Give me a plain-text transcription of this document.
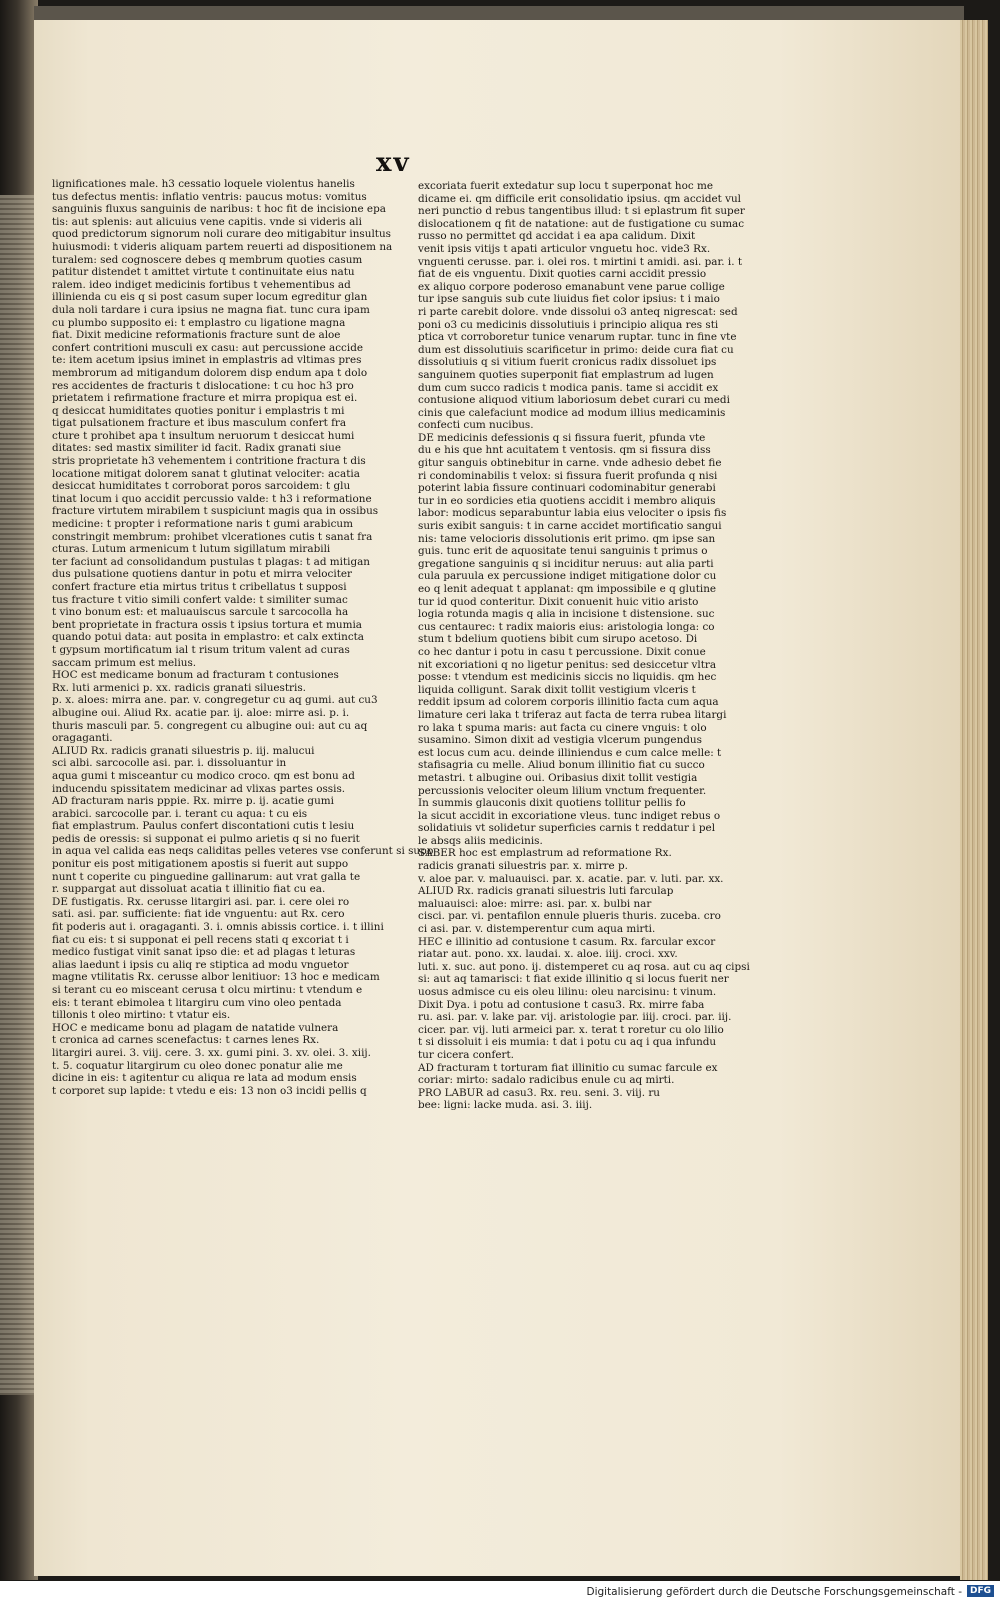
xv

lignificationes male. h3 cessatio loquele violentus hanelis

tus defectus mentis: inflatio ventris: paucus motus: vomitus

sanguinis fluxus sanguinis de naribus: t hoc fit de incisione epa

tis: aut splenis: aut alicuius vene capitis. vnde si videris ali

quod predictorum signorum noli curare deo mitigabitur insultus

huiusmodi: t videris aliquam partem reuerti ad dispositionem na

turalem: sed cognoscere debes q membrum quoties casum

patitur distendet t amittet virtute t continuitate eius natu

ralem. ideo indiget medicinis fortibus t vehementibus ad

illinienda cu eis q si post casum super locum egreditur glan

dula noli tardare i cura ipsius ne magna fiat. tunc cura ipam

cu plumbo supposito ei: t emplastro cu ligatione magna

fiat. Dixit medicine reformationis fracture sunt de aloe

confert contritioni musculi ex casu: aut percussione accide

te: item acetum ipsius iminet in emplastris ad vltimas pres

membrorum ad mitigandum dolorem disp endum apa t dolo

res accidentes de fracturis t dislocatione: t cu hoc h3 pro

prietatem i refirmatione fracture et mirra propiqua est ei.

q desiccat humiditates quoties ponitur i emplastris t mi

tigat pulsationem fracture et ibus masculum confert fra

cture t prohibet apa t insultum neruorum t desiccat humi

ditates: sed mastix similiter id facit. Radix granati siue

stris proprietate h3 vehementem i contritione fractura t dis

locatione mitigat dolorem sanat t glutinat velociter: acatia

desiccat humiditates t corroborat poros sarcoidem: t glu

tinat locum i quo accidit percussio valde: t h3 i reformatione

fracture virtutem mirabilem t suspiciunt magis qua in ossibus

medicine: t propter i reformatione naris t gumi arabicum

constringit membrum: prohibet vlcerationes cutis t sanat fra

cturas. Lutum armenicum t lutum sigillatum mirabili

ter faciunt ad consolidandum pustulas t plagas: t ad mitigan

dus pulsatione quotiens dantur in potu et mirra velociter

confert fracture etia mirtus tritus t cribellatus t supposi

tus fracture t vitio simili confert valde: t similiter sumac

t vino bonum est: et maluauiscus sarcule t sarcocolla ha

bent proprietate in fractura ossis t ipsius tortura et mumia

quando potui data: aut posita in emplastro: et calx extincta

t gypsum mortificatum ial t risum tritum valent ad curas

saccam primum est melius.

HOC est medicame bonum ad fracturam t contusiones

Rx. luti armenici p. xx. radicis granati siluestris.

p. x. aloes: mirra ane. par. v. congregetur cu aq gumi. aut cu3

albugine oui. Aliud Rx. acatie par. ij. aloe: mirre asi. p. i.

thuris masculi par. 5. congregent cu albugine oui: aut cu aq

oragaganti.

ALIUD Rx. radicis granati siluestris p. iij. malucui

sci albi. sarcocolle asi. par. i. dissoluantur in

aqua gumi t misceantur cu modico croco. qm est bonu ad

inducendu spissitatem medicinar ad vlixas partes ossis.

AD fracturam naris pppie. Rx. mirre p. ij. acatie gumi

arabici. sarcocolle par. i. terant cu aqua: t cu eis

fiat emplastrum. Paulus confert discontationi cutis t lesiu

pedis de oressis: si supponat ei pulmo arietis q si no fuerit

in aqua vel calida eas neqs caliditas pelles veteres vse conferunt si supp

ponitur eis post mitigationem apostis si fuerit aut suppo

nunt t coperite cu pinguedine gallinarum: aut vrat galla te

r. suppargat aut dissoluat acatia t illinitio fiat cu ea.

DE fustigatis. Rx. cerusse litargiri asi. par. i. cere olei ro

sati. asi. par. sufficiente: fiat ide vnguentu: aut Rx. cero

fit poderis aut i. oragaganti. 3. i. omnis abissis cortice. i. t illini

fiat cu eis: t si supponat ei pell recens stati q excoriat t i

medico fustigat vinit sanat ipso die: et ad plagas t leturas

alias laedunt i ipsis cu aliq re stiptica ad modu vnguetor

magne vtilitatis Rx. cerusse albor lenitiuor: 13 hoc e medicam

si terant cu eo misceant cerusa t olcu mirtinu: t vtendum e

eis: t terant ebimolea t litargiru cum vino oleo pentada

tillonis t oleo mirtino: t vtatur eis.

HOC e medicame bonu ad plagam de natatide vulnera

t cronica ad carnes scenefactus: t carnes lenes Rx.

litargiri aurei. 3. viij. cere. 3. xx. gumi pini. 3. xv. olei. 3. xiij.

t. 5. coquatur litargirum cu oleo donec ponatur alie me

dicine in eis: t agitentur cu aliqua re lata ad modum ensis

t corporet sup lapide: t vtedu e eis: 13 non o3 incidi pellis q

excoriata fuerit extedatur sup locu t superponat hoc me

dicame ei. qm difficile erit consolidatio ipsius. qm accidet vul

neri punctio d rebus tangentibus illud: t si eplastrum fit super

dislocationem q fit de natatione: aut de fustigatione cu sumac

russo no permittet qd accidat i ea apa calidum. Dixit

venit ipsis vitijs t apati articulor vnguetu hoc. vide3 Rx.

vnguenti cerusse. par. i. olei ros. t mirtini t amidi. asi. par. i. t

fiat de eis vnguentu. Dixit quoties carni accidit pressio

ex aliquo corpore poderoso emanabunt vene parue collige

tur ipse sanguis sub cute liuidus fiet color ipsius: t i maio

ri parte carebit dolore. vnde dissolui o3 anteq nigrescat: sed

poni o3 cu medicinis dissolutiuis i principio aliqua res sti

ptica vt corroboretur tunice venarum ruptar. tunc in fine vte

dum est dissolutiuis scarificetur in primo: deide cura fiat cu

dissolutiuis q si vitium fuerit cronicus radix dissoluet ips

sanguinem quoties superponit fiat emplastrum ad lugen

dum cum succo radicis t modica panis. tame si accidit ex

contusione aliquod vitium laboriosum debet curari cu medi

cinis que calefaciunt modice ad modum illius medicaminis

confecti cum nucibus.

DE medicinis defessionis q si fissura fuerit, pfunda vte

du e his que hnt acuitatem t ventosis. qm si fissura diss

gitur sanguis obtinebitur in carne. vnde adhesio debet fie

ri condominabilis t velox: si fissura fuerit profunda q nisi

poterint labia fissure continuari codominabitur generabi

tur in eo sordicies etia quotiens accidit i membro aliquis

labor: modicus separabuntur labia eius velociter o ipsis fis

suris exibit sanguis: t in carne accidet mortificatio sangui

nis: tame velocioris dissolutionis erit primo. qm ipse san

guis. tunc erit de aquositate tenui sanguinis t primus o

gregatione sanguinis q si inciditur neruus: aut alia parti

cula paruula ex percussione indiget mitigatione dolor cu

eo q lenit adequat t applanat: qm impossibile e q glutine

tur id quod conteritur. Dixit conuenit huic vitio aristo

logia rotunda magis q alia in incisione t distensione. suc

cus centaurec: t radix maioris eius: aristologia longa: co

stum t bdelium quotiens bibit cum sirupo acetoso. Di

co hec dantur i potu in casu t percussione. Dixit conue

nit excoriationi q no ligetur penitus: sed desiccetur vltra

posse: t vtendum est medicinis siccis no liquidis. qm hec

liquida colligunt. Sarak dixit tollit vestigium vlceris t

reddit ipsum ad colorem corporis illinitio facta cum aqua

limature ceri laka t triferaz aut facta de terra rubea litargi

ro laka t spuma maris: aut facta cu cinere vnguis: t olo

susamino. Simon dixit ad vestigia vlcerum pungendus

est locus cum acu. deinde illiniendus e cum calce melle: t

stafisagria cu melle. Aliud bonum illinitio fiat cu succo

metastri. t albugine oui. Oribasius dixit tollit vestigia

percussionis velociter oleum lilium vnctum frequenter.

In summis glauconis dixit quotiens tollitur pellis fo

la sicut accidit in excoriatione vleus. tunc indiget rebus o

solidatiuis vt solidetur superficies carnis t reddatur i pel

le absqs aliis medicinis.

SABER hoc est emplastrum ad reformatione Rx.

radicis granati siluestris par. x. mirre p.

v. aloe par. v. maluauisci. par. x. acatie. par. v. luti. par. xx.

ALIUD Rx. radicis granati siluestris luti farculap

maluauisci: aloe: mirre: asi. par. x. bulbi nar

cisci. par. vi. pentafilon ennule plueris thuris. zuceba. cro

ci asi. par. v. distemperentur cum aqua mirti.

HEC e illinitio ad contusione t casum. Rx. farcular excor

riatar aut. pono. xx. laudai. x. aloe. iiij. croci. xxv.

luti. x. suc. aut pono. ij. distemperet cu aq rosa. aut cu aq cipsi

si: aut aq tamarisci: t fiat exide illinitio q si locus fuerit ner

uosus admisce cu eis oleu lilinu: oleu narcisinu: t vinum.

Dixit Dya. i potu ad contusione t casu3. Rx. mirre faba

ru. asi. par. v. lake par. vij. aristologie par. iiij. croci. par. iij.

cicer. par. vij. luti armeici par. x. terat t roretur cu olo lilio

t si dissoluit i eis mumia: t dat i potu cu aq i qua infundu

tur cicera confert.

AD fracturam t torturam fiat illinitio cu sumac farcule ex

coriar: mirto: sadalo radicibus enule cu aq mirti.

PRO LABUR ad casu3. Rx. reu. seni. 3. viij. ru

bee: ligni: lacke muda. asi. 3. iiij.

Digitalisierung gefördert durch die Deutsche Forschungsgemeinschaft - DFG
